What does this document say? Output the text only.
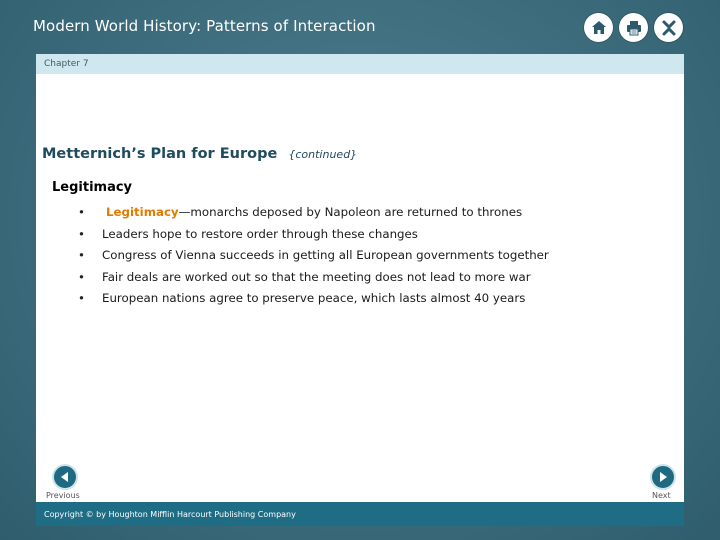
Modern World History: Patterns of Interaction
Chapter 7
Metternich’s Plan for Europe {continued}
Legitimacy
•	Legitimacy —monarchs deposed by Napoleon are returned to thrones
•	Leaders hope to restore order through these changes
•	Congress of Vienna succeeds in getting all European governments together
•	Fair deals are worked out so that the meeting does not lead to more war
•	European nations agree to preserve peace, which lasts almost 40 years
Previous	Next
Copyright © by Houghton Mifflin Harcourt Publishing Company
